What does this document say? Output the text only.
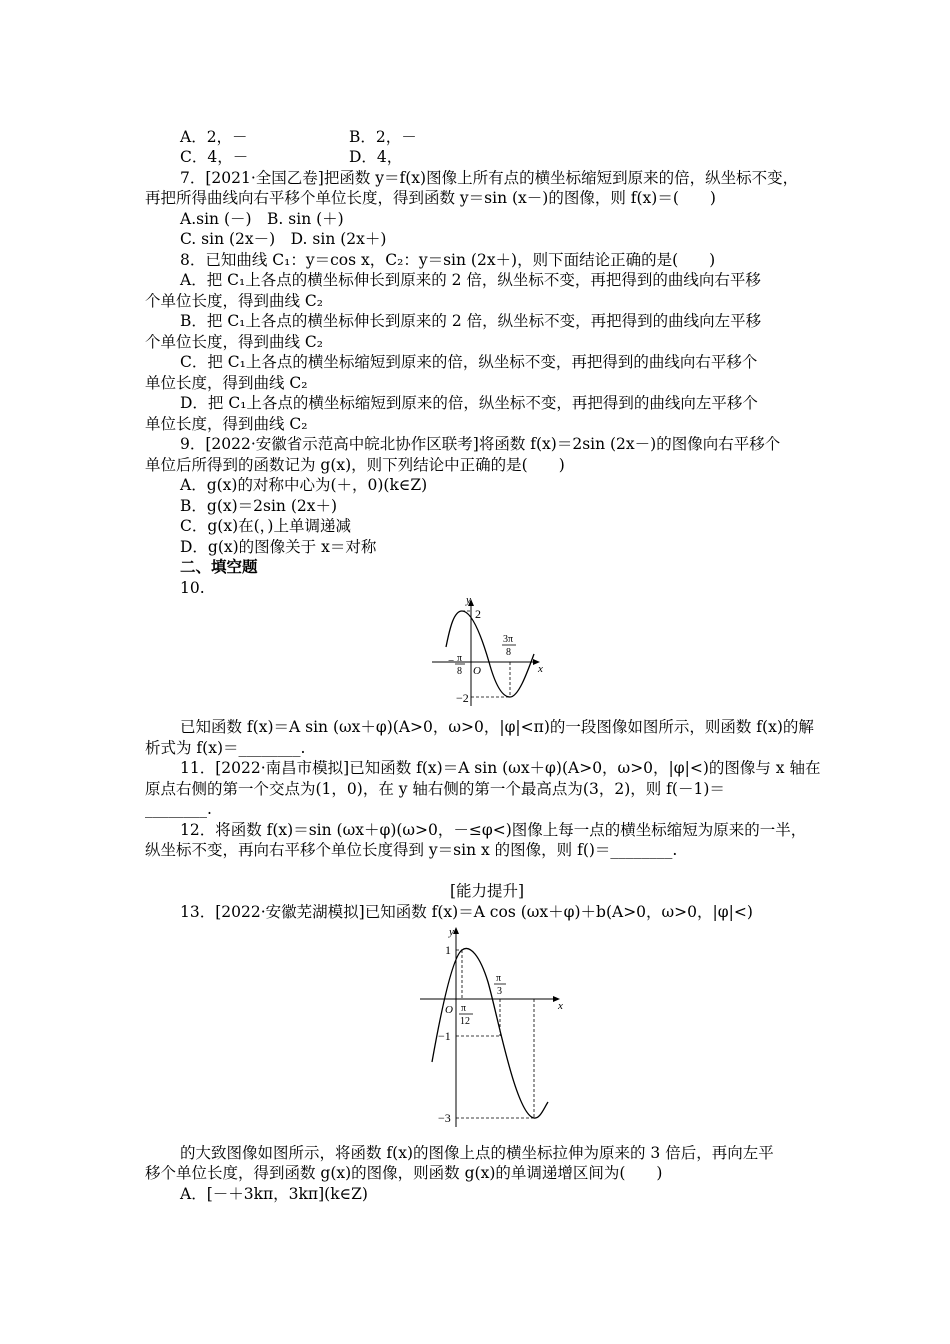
A．2，－	B．2，－
C．4，－	D．4，
7．[2021·全国乙卷]把函数 y＝f(x)图像上所有点的横坐标缩短到原来的倍，纵坐标不变，
再把所得曲线向右平移个单位长度，得到函数 y＝sin (x－)的图像，则 f(x)＝(　　)
A.sin (－)　B. sin (＋)
C. sin (2x－)　D. sin (2x＋)
8．已知曲线 C₁：y＝cos x，C₂：y＝sin (2x＋)，则下面结论正确的是(　　)
A．把 C₁上各点的横坐标伸长到原来的 2 倍，纵坐标不变，再把得到的曲线向右平移
个单位长度，得到曲线 C₂
B．把 C₁上各点的横坐标伸长到原来的 2 倍，纵坐标不变，再把得到的曲线向左平移
个单位长度，得到曲线 C₂
C．把 C₁上各点的横坐标缩短到原来的倍，纵坐标不变，再把得到的曲线向右平移个
单位长度，得到曲线 C₂
D．把 C₁上各点的横坐标缩短到原来的倍，纵坐标不变，再把得到的曲线向左平移个
单位长度，得到曲线 C₂
9．[2022·安徽省示范高中皖北协作区联考]将函数 f(x)＝2sin (2x－)的图像向右平移个
单位后所得到的函数记为 g(x)，则下列结论中正确的是(　　)
A．g(x)的对称中心为(＋，0)(k∈Z)
B．g(x)＝2sin (2x＋)
C．g(x)在(，)上单调递减
D．g(x)的图像关于 x＝对称
二、填空题
10.
y
x
O
2
−2
− π
8
3π
8
已知函数 f(x)＝A sin (ωx＋φ)(A>0，ω>0，|φ|<π)的一段图像如图所示，则函数 f(x)的解
析式为 f(x)＝________.
11．[2022·南昌市模拟]已知函数 f(x)＝A sin (ωx＋φ)(A>0，ω>0，|φ|<)的图像与 x 轴在
原点右侧的第一个交点为(1，0)，在 y 轴右侧的第一个最高点为(3，2)，则 f(－1)＝
________.
12．将函数 f(x)＝sin (ωx＋φ)(ω>0，－≤φ<)图像上每一点的横坐标缩短为原来的一半，
纵坐标不变，再向右平移个单位长度得到 y＝sin x 的图像，则 f()＝________.
[能力提升]
13．[2022·安徽芜湖模拟]已知函数 f(x)＝A cos (ωx＋φ)＋b(A>0，ω>0，|φ|<)
y
x
O
1
−1
−3
π
12
π
3
的大致图像如图所示，将函数 f(x)的图像上点的横坐标拉伸为原来的 3 倍后，再向左平
移个单位长度，得到函数 g(x)的图像，则函数 g(x)的单调递增区间为(　　)
A．[－＋3kπ，3kπ](k∈Z)
